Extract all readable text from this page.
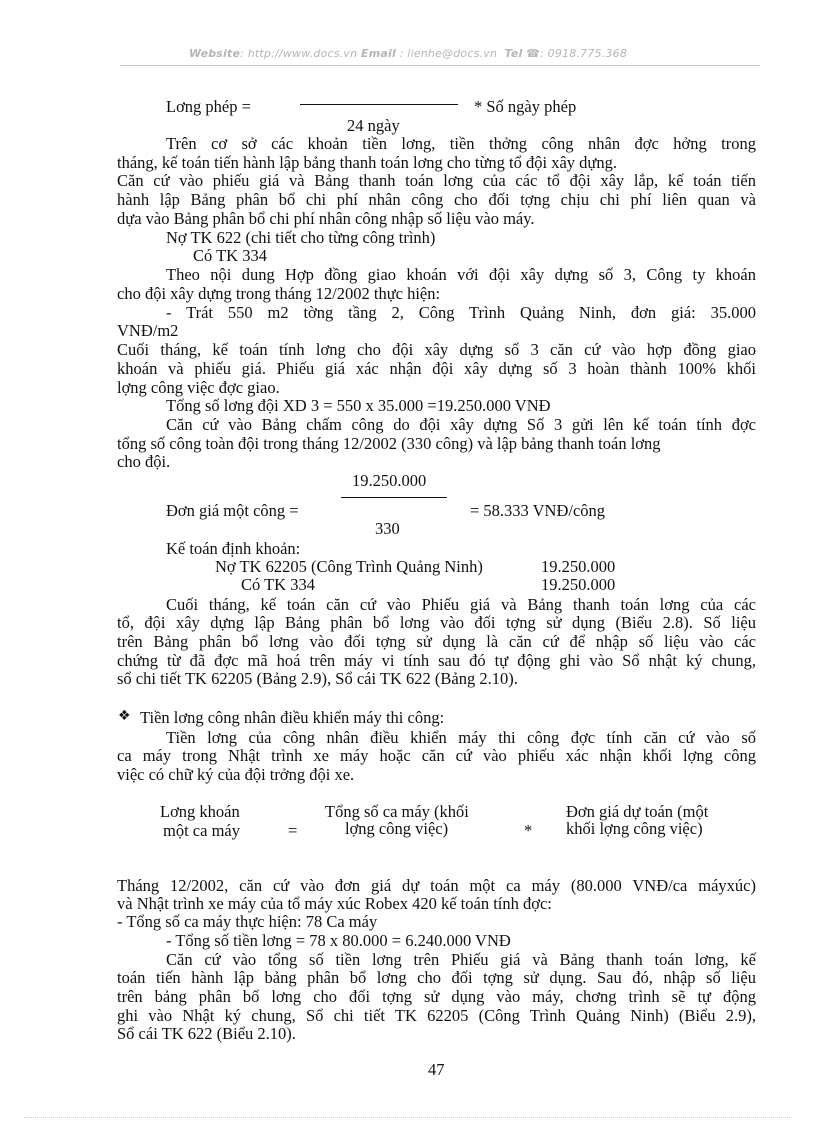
Website: http://www.docs.vn Email : lienhe@docs.vn Tel ☎: 0918.775.368
Lơng phép =	* Số ngày phép
24 ngày
Trên cơ sở các khoản tiền lơng, tiền thởng công nhân đợc hởng trong
tháng, kế toán tiến hành lập bảng thanh toán lơng cho từng tổ đội xây dựng.
Căn cứ vào phiếu giá và Bảng thanh toán lơng của các tổ đội xây lắp, kế toán tiến
hành lập Bảng phân bổ chi phí nhân công cho đối tợng chịu chi phí liên quan và
dựa vào Bảng phân bổ chi phí nhân công nhập số liệu vào máy.
Nợ TK 622 (chi tiết cho từng công trình)
Có TK 334
Theo nội dung Hợp đồng giao khoán với đội xây dựng số 3, Công ty khoán
cho đội xây dựng trong tháng 12/2002 thực hiện:
- Trát 550 m2 tờng tầng 2, Công Trình Quảng Ninh, đơn giá: 35.000
VNĐ/m2
Cuối tháng, kế toán tính lơng cho đội xây dựng số 3 căn cứ vào hợp đồng giao
khoán và phiếu giá. Phiếu giá xác nhận đội xây dựng số 3 hoàn thành 100% khối
lợng công việc đợc giao.
Tổng số lơng đội XD 3 = 550 x 35.000 =19.250.000 VNĐ
Căn cứ vào Bảng chấm công do đội xây dựng Số 3 gửi lên kế toán tính đợc
tổng số công toàn đội trong tháng 12/2002 (330 công) và lập bảng thanh toán lơng
cho đội.
19.250.000
Đơn giá một công =	= 58.333 VNĐ/công
330
Kế toán định khoản:
Nợ TK 62205 (Công Trình Quảng Ninh)	19.250.000
Có TK 334	19.250.000
Cuối tháng, kế toán căn cứ vào Phiếu giá và Bảng thanh toán lơng của các
tổ, đội xây dựng lập Bảng phân bổ lơng vào đối tợng sử dụng (Biểu 2.8). Số liệu
trên Bảng phân bổ lơng vào đối tợng sử dụng là căn cứ để nhập số liệu vào các
chứng từ đã đợc mã hoá trên máy vi tính sau đó tự động ghi vào Sổ nhật ký chung,
sổ chi tiết TK 62205 (Bảng 2.9), Sổ cái TK 622 (Bảng 2.10).
❖ Tiền lơng công nhân điều khiển máy thi công:
Tiền lơng của công nhân điều khiển máy thi công đợc tính căn cứ vào số
ca máy trong Nhật trình xe máy hoặc căn cứ vào phiếu xác nhận khối lợng công
việc có chữ ký của đội trởng đội xe.
Lơng khoán
một ca máy	=
Tổng số ca máy (khối
lợng công việc)	*
Đơn giá dự toán (một
khối lợng công việc)
Tháng 12/2002, căn cứ vào đơn giá dự toán một ca máy (80.000 VNĐ/ca máyxúc)
và Nhật trình xe máy của tổ máy xúc Robex 420 kế toán tính đợc:
- Tổng số ca máy thực hiện: 78 Ca máy
- Tổng số tiền lơng = 78 x 80.000 = 6.240.000 VNĐ
Căn cứ vào tổng số tiền lơng trên Phiếu giá và Bảng thanh toán lơng, kế
toán tiến hành lập bảng phân bổ lơng cho đối tợng sử dụng. Sau đó, nhập số liệu
trên bảng phân bổ lơng cho đối tợng sử dụng vào máy, chơng trình sẽ tự động
ghi vào Nhật ký chung, Sổ chi tiết TK 62205 (Công Trình Quảng Ninh) (Biểu 2.9),
Sổ cái TK 622 (Biểu 2.10).
47
